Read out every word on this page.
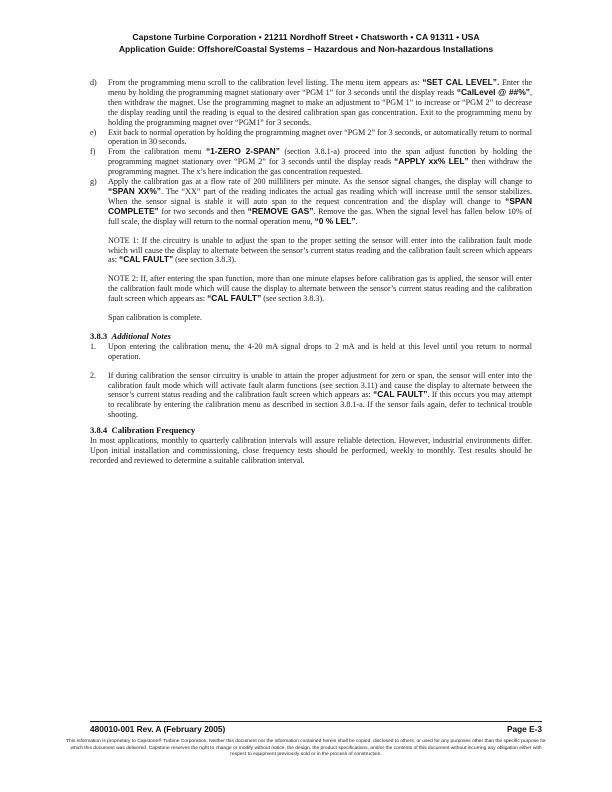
Capstone Turbine Corporation • 21211 Nordhoff Street • Chatsworth • CA 91311 • USA
Application Guide: Offshore/Coastal Systems – Hazardous and Non-hazardous Installations
d) From the programming menu scroll to the calibration level listing. The menu item appears as: “SET CAL LEVEL”. Enter the menu by holding the programming magnet stationary over “PGM 1” for 3 seconds until the display reads “CalLevel @ ##%”, then withdraw the magnet. Use the programming magnet to make an adjustment to “PGM 1” to increase or “PGM 2” to decrease the display reading until the reading is equal to the desired calibration span gas concentration. Exit to the programming menu by holding the programming magnet over “PGM1” for 3 seconds.
e) Exit back to normal operation by holding the programming magnet over “PGM 2” for 3 seconds, or automatically return to normal operation in 30 seconds.
f) From the calibration menu “1-ZERO 2-SPAN” (section 3.8.1-a) proceed into the span adjust function by holding the programming magnet stationary over “PGM 2” for 3 seconds until the display reads “APPLY xx% LEL” then withdraw the programming magnet. The x’s here indication the gas concentration requested.
g) Apply the calibration gas at a flow rate of 200 milliliters per minute. As the sensor signal changes, the display will change to “SPAN XX%”. The “XX” part of the reading indicates the actual gas reading which will increase until the sensor stabilizes. When the sensor signal is stable it will auto span to the request concentration and the display will change to “SPAN COMPLETE” for two seconds and then “REMOVE GAS”. Remove the gas. When the signal level has fallen below 10% of full scale, the display will return to the normal operation menu, “0 % LEL”.

NOTE 1: If the circuitry is unable to adjust the span to the proper setting the sensor will enter into the calibration fault mode which will cause the display to alternate between the sensor’s current status reading and the calibration fault screen which appears as: “CAL FAULT” (see section 3.8.3).

NOTE 2: If, after entering the span function, more than one minute elapses before calibration gas is applied, the sensor will enter the calibration fault mode which will cause the display to alternate between the sensor’s current status reading and the calibration fault screen which appears as: “CAL FAULT” (see section 3.8.3).

Span calibration is complete.

3.8.3 Additional Notes
1. Upon entering the calibration menu, the 4-20 mA signal drops to 2 mA and is held at this level until you return to normal operation.
2. If during calibration the sensor circuitry is unable to attain the proper adjustment for zero or span, the sensor will enter into the calibration fault mode which will activate fault alarm functions (see section 3.11) and cause the display to alternate between the sensor’s current status reading and the calibration fault screen which appears as: “CAL FAULT”. If this occurs you may attempt to recalibrate by entering the calibration menu as described in section 3.8.1-a. If the sensor fails again, defer to technical trouble shooting.
3.8.4 Calibration Frequency

In most applications, monthly to quarterly calibration intervals will assure reliable detection. However, industrial environments differ. Upon initial installation and commissioning, close frequency tests should be performed, weekly to monthly. Test results should be recorded and reviewed to determine a suitable calibration interval.

480010-001 Rev. A (February 2005)	Page E-3
This information is proprietary to Capstone® Turbine Corporation. Neither this document nor the information contained herein shall be copied, disclosed to others, or used for any purposes other than the specific purpose for which this document was delivered. Capstone reserves the right to change or modify without notice, the design, the product specifications, and/or the contents of this document without incurring any obligation either with respect to equipment previously sold or in the process of construction.
